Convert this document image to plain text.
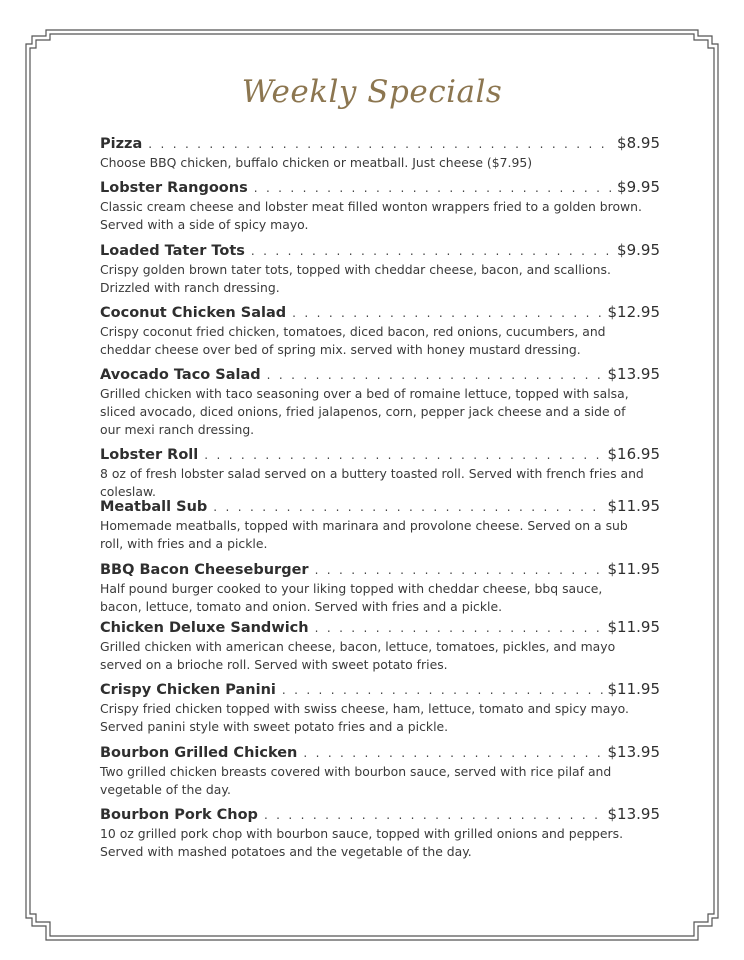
Weekly Specials
Pizza . . .	$8.95
Choose BBQ chicken, buffalo chicken or meatball. Just cheese ($7.95)
Lobster Rangoons . . .	$9.95
Classic cream cheese and lobster meat filled wonton wrappers fried to a golden brown. Served with a side of spicy mayo.
Loaded Tater Tots . . .	$9.95
Crispy golden brown tater tots, topped with cheddar cheese, bacon, and scallions. Drizzled with ranch dressing.
Coconut Chicken Salad . . .	$12.95
Crispy coconut fried chicken, tomatoes, diced bacon, red onions, cucumbers, and cheddar cheese over bed of spring mix. served with honey mustard dressing.
Avocado Taco Salad . . .	$13.95
Grilled chicken with taco seasoning over a bed of romaine lettuce, topped with salsa, sliced avocado, diced onions, fried jalapenos, corn, pepper jack cheese and a side of our mexi ranch dressing.
Lobster Roll . . .	$16.95
8 oz of fresh lobster salad served on a buttery toasted roll. Served with french fries and coleslaw.
Meatball Sub . . .	$11.95
Homemade meatballs, topped with marinara and provolone cheese. Served on a sub roll, with fries and a pickle.
BBQ Bacon Cheeseburger . . .	$11.95
Half pound burger cooked to your liking topped with cheddar cheese, bbq sauce, bacon, lettuce, tomato and onion. Served with fries and a pickle.
Chicken Deluxe Sandwich . . .	$11.95
Grilled chicken with american cheese, bacon, lettuce, tomatoes, pickles, and mayo served on a brioche roll. Served with sweet potato fries.
Crispy Chicken Panini . . .	$11.95
Crispy fried chicken topped with swiss cheese, ham, lettuce, tomato and spicy mayo. Served panini style with sweet potato fries and a pickle.
Bourbon Grilled Chicken . . .	$13.95
Two grilled chicken breasts covered with bourbon sauce, served with rice pilaf and vegetable of the day.
Bourbon Pork Chop . . .	$13.95
10 oz grilled pork chop with bourbon sauce, topped with grilled onions and peppers. Served with mashed potatoes and the vegetable of the day.
